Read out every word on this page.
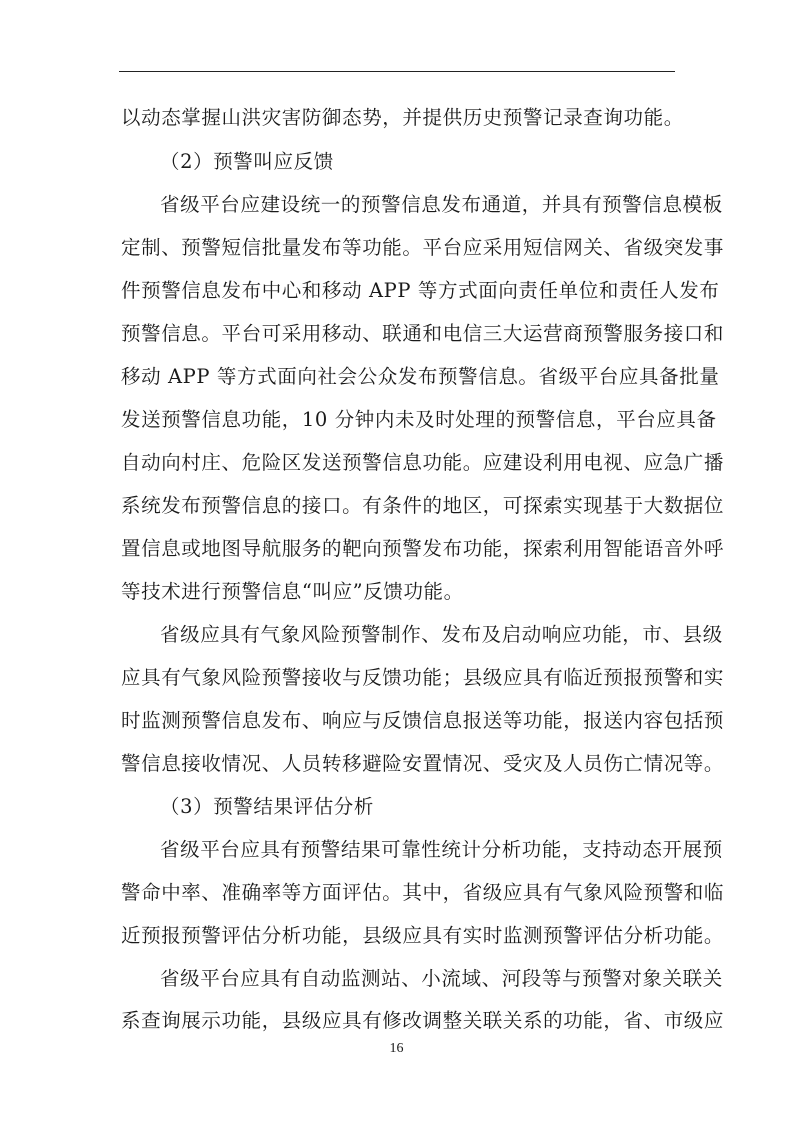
以动态掌握山洪灾害防御态势，并提供历史预警记录查询功能。
（2）预警叫应反馈
省级平台应建设统一的预警信息发布通道，并具有预警信息模板
定制、预警短信批量发布等功能。平台应采用短信网关、省级突发事
件预警信息发布中心和移动 APP 等方式面向责任单位和责任人发布
预警信息。平台可采用移动、联通和电信三大运营商预警服务接口和
移动 APP 等方式面向社会公众发布预警信息。省级平台应具备批量
发送预警信息功能，10 分钟内未及时处理的预警信息，平台应具备
自动向村庄、危险区发送预警信息功能。应建设利用电视、应急广播
系统发布预警信息的接口。有条件的地区，可探索实现基于大数据位
置信息或地图导航服务的靶向预警发布功能，探索利用智能语音外呼
等技术进行预警信息“叫应”反馈功能。
省级应具有气象风险预警制作、发布及启动响应功能，市、县级
应具有气象风险预警接收与反馈功能；县级应具有临近预报预警和实
时监测预警信息发布、响应与反馈信息报送等功能，报送内容包括预
警信息接收情况、人员转移避险安置情况、受灾及人员伤亡情况等。
（3）预警结果评估分析
省级平台应具有预警结果可靠性统计分析功能，支持动态开展预
警命中率、准确率等方面评估。其中，省级应具有气象风险预警和临
近预报预警评估分析功能，县级应具有实时监测预警评估分析功能。
省级平台应具有自动监测站、小流域、河段等与预警对象关联关
系查询展示功能，县级应具有修改调整关联关系的功能，省、市级应
16
